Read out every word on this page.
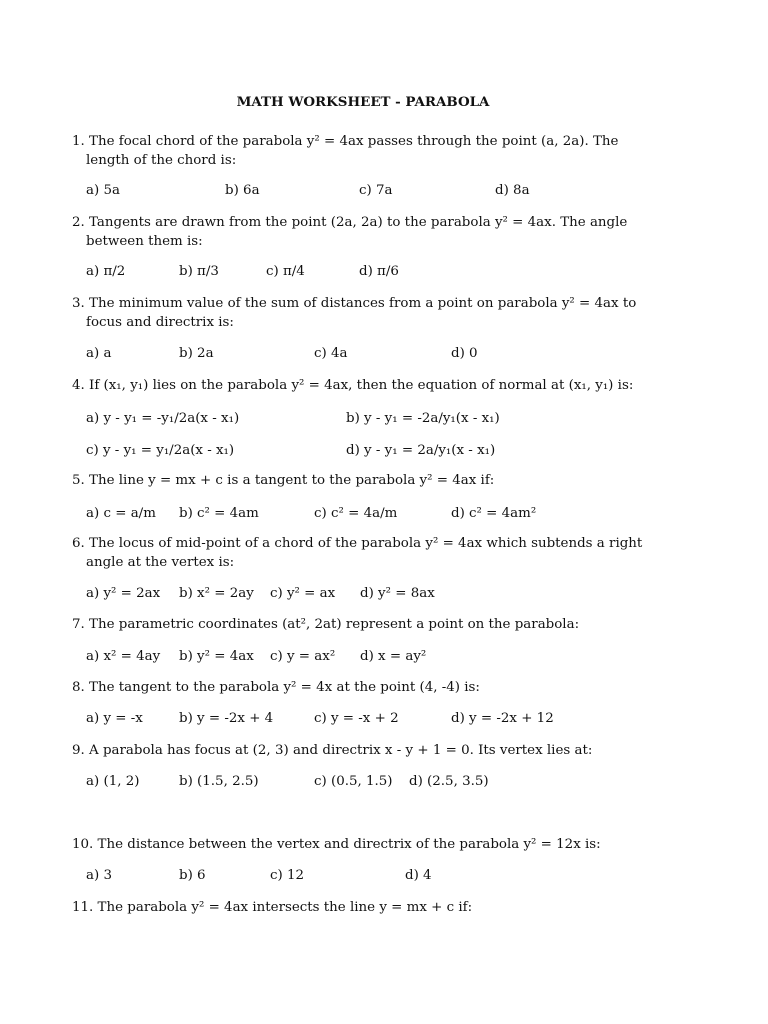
MATH WORKSHEET - PARABOLA
1. The focal chord of the parabola y² = 4ax passes through the point (a, 2a). The
length of the chord is:
a) 5a	b) 6a	c) 7a	d) 8a
2. Tangents are drawn from the point (2a, 2a) to the parabola y² = 4ax. The angle
between them is:
a) π/2	b) π/3	c) π/4	d) π/6
3. The minimum value of the sum of distances from a point on parabola y² = 4ax to
focus and directrix is:
a) a	b) 2a	c) 4a	d) 0
4. If (x₁, y₁) lies on the parabola y² = 4ax, then the equation of normal at (x₁, y₁) is:
a) y - y₁ = -y₁/2a(x - x₁)	b) y - y₁ = -2a/y₁(x - x₁)
c) y - y₁ = y₁/2a(x - x₁)	d) y - y₁ = 2a/y₁(x - x₁)
5. The line y = mx + c is a tangent to the parabola y² = 4ax if:
a) c = a/m b) c² = 4am	c) c² = 4a/m	d) c² = 4am²
6. The locus of mid-point of a chord of the parabola y² = 4ax which subtends a right
angle at the vertex is:
a) y² = 2ax b) x² = 2ay c) y² = ax d) y² = 8ax
7. The parametric coordinates (at², 2at) represent a point on the parabola:
a) x² = 4ay b) y² = 4ax c) y = ax² d) x = ay²
8. The tangent to the parabola y² = 4x at the point (4, -4) is:
a) y = -x	b) y = -2x + 4	c) y = -x + 2	d) y = -2x + 12
9. A parabola has focus at (2, 3) and directrix x - y + 1 = 0. Its vertex lies at:
a) (1, 2)	b) (1.5, 2.5)	c) (0.5, 1.5) d) (2.5, 3.5)
10. The distance between the vertex and directrix of the parabola y² = 12x is:
a) 3	b) 6	c) 12	d) 4
11. The parabola y² = 4ax intersects the line y = mx + c if:
